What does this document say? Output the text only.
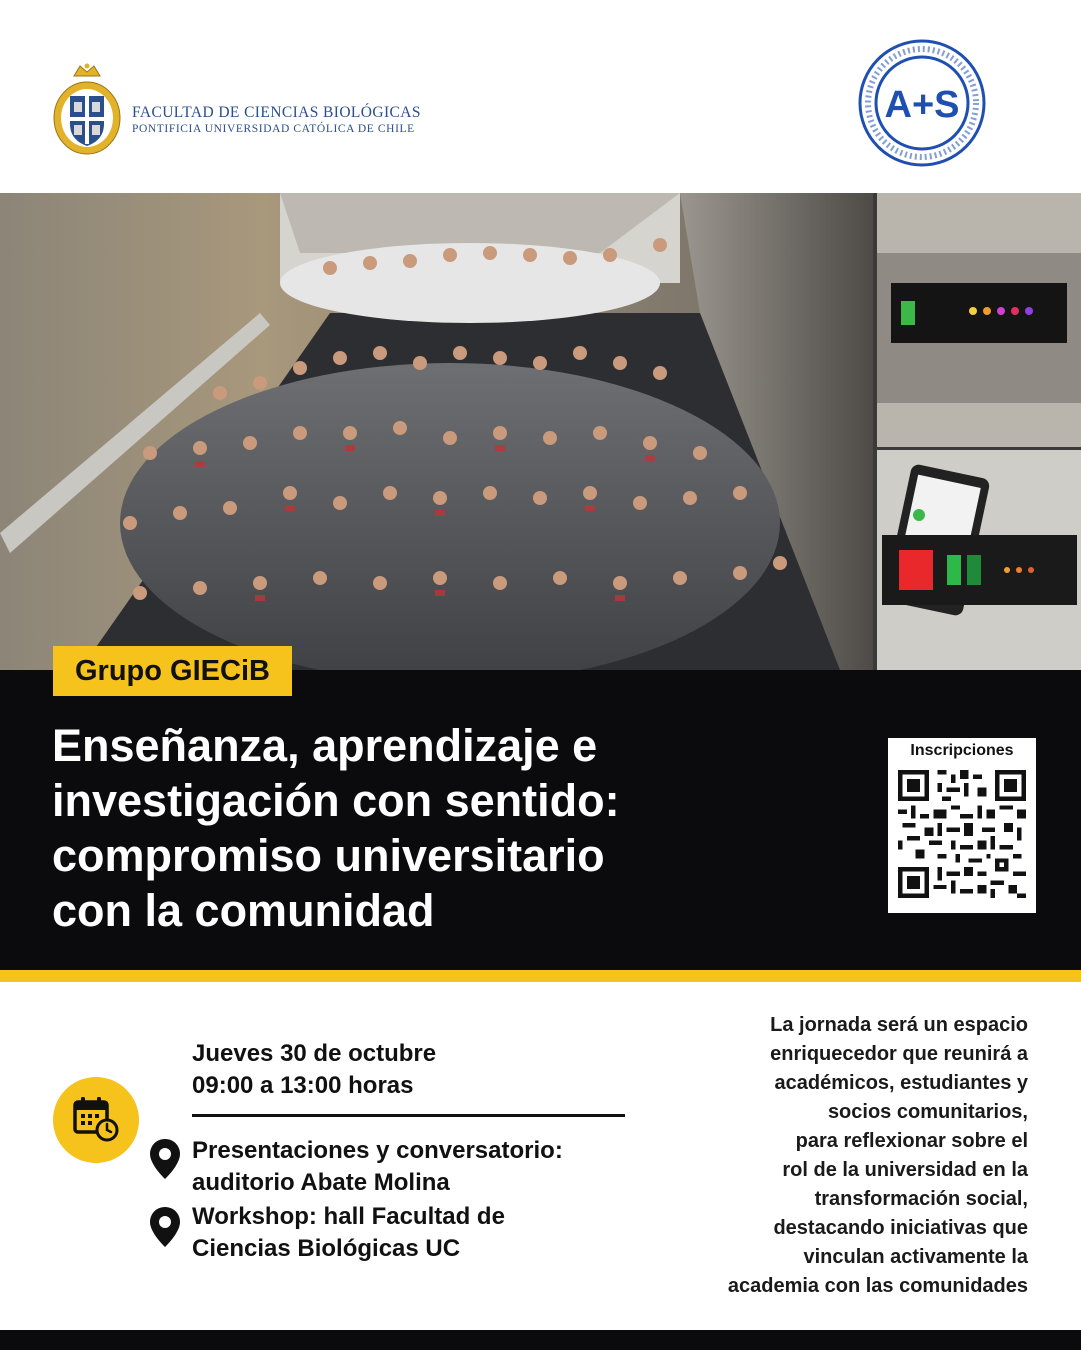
FACULTAD DE CIENCIAS BIOLÓGICAS
PONTIFICIA UNIVERSIDAD CATÓLICA DE CHILE
A+S
Grupo GIECiB
Enseñanza, aprendizaje e
investigación con sentido:
compromiso universitario
con la comunidad
Inscripciones
Jueves 30 de octubre
09:00 a 13:00 horas
Presentaciones y conversatorio:
auditorio Abate Molina
Workshop: hall Facultad de
Ciencias Biológicas UC
La jornada será un espacio
enriquecedor que reunirá a
académicos, estudiantes y
socios comunitarios,
para reflexionar sobre el
rol de la universidad en la
transformación social,
destacando iniciativas que
vinculan activamente la
academia con las comunidades
